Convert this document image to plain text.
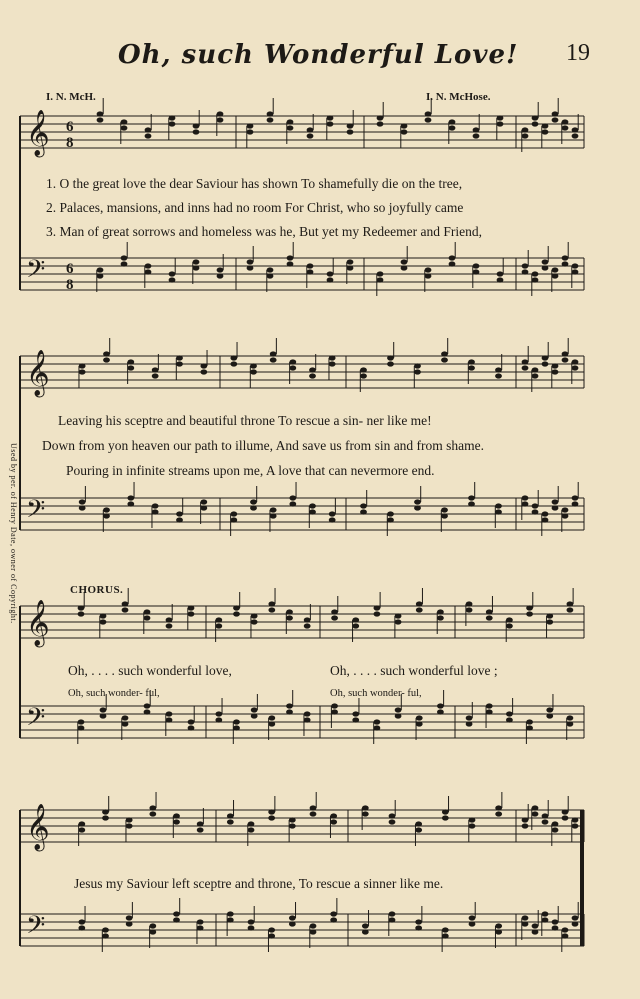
Oh, such Wonderful Love! 19
I. N. McH.	I. N. McHose.
Used by per. of Henry Date, owner of Copyright.
𝄞
𝄢
6
8
6
8
𝄞
𝄢
𝄞
𝄢
𝄞
𝄢
1. O the great love the dear Saviour has shown To shamefully die on the tree,
2. Palaces, mansions, and inns had no room For Christ, who so joyfully came
3. Man of great sorrows and homeless was he, But yet my Redeemer and Friend,
Leaving his sceptre and beautiful throne To rescue a sin- ner like me!
Down from yon heaven our path to illume, And save us from sin and from shame.
Pouring in infinite streams upon me, A love that can nevermore end.
CHORUS.
Oh, . . . . such wonderful love,	Oh, . . . . such wonderful love ;
Oh, such wonder- ful,	Oh, such wonder- ful,
Jesus my Saviour left sceptre and throne, To rescue a sinner like me.
